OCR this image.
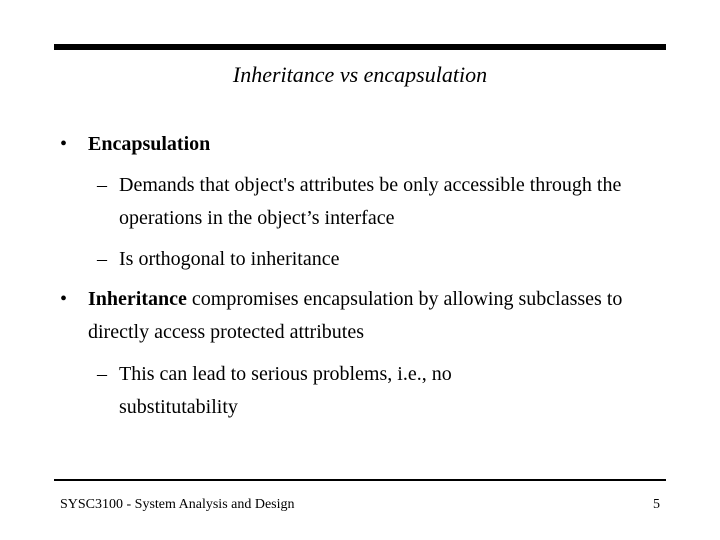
Inheritance vs encapsulation
•	Encapsulation
– Demands that object's attributes be only accessible through the operations in the object’s interface
– Is orthogonal to inheritance
•	Inheritance compromises encapsulation by allowing subclasses to directly access protected attributes
– This can lead to serious problems, i.e., no substitutability
SYSC3100 - System Analysis and Design	5
